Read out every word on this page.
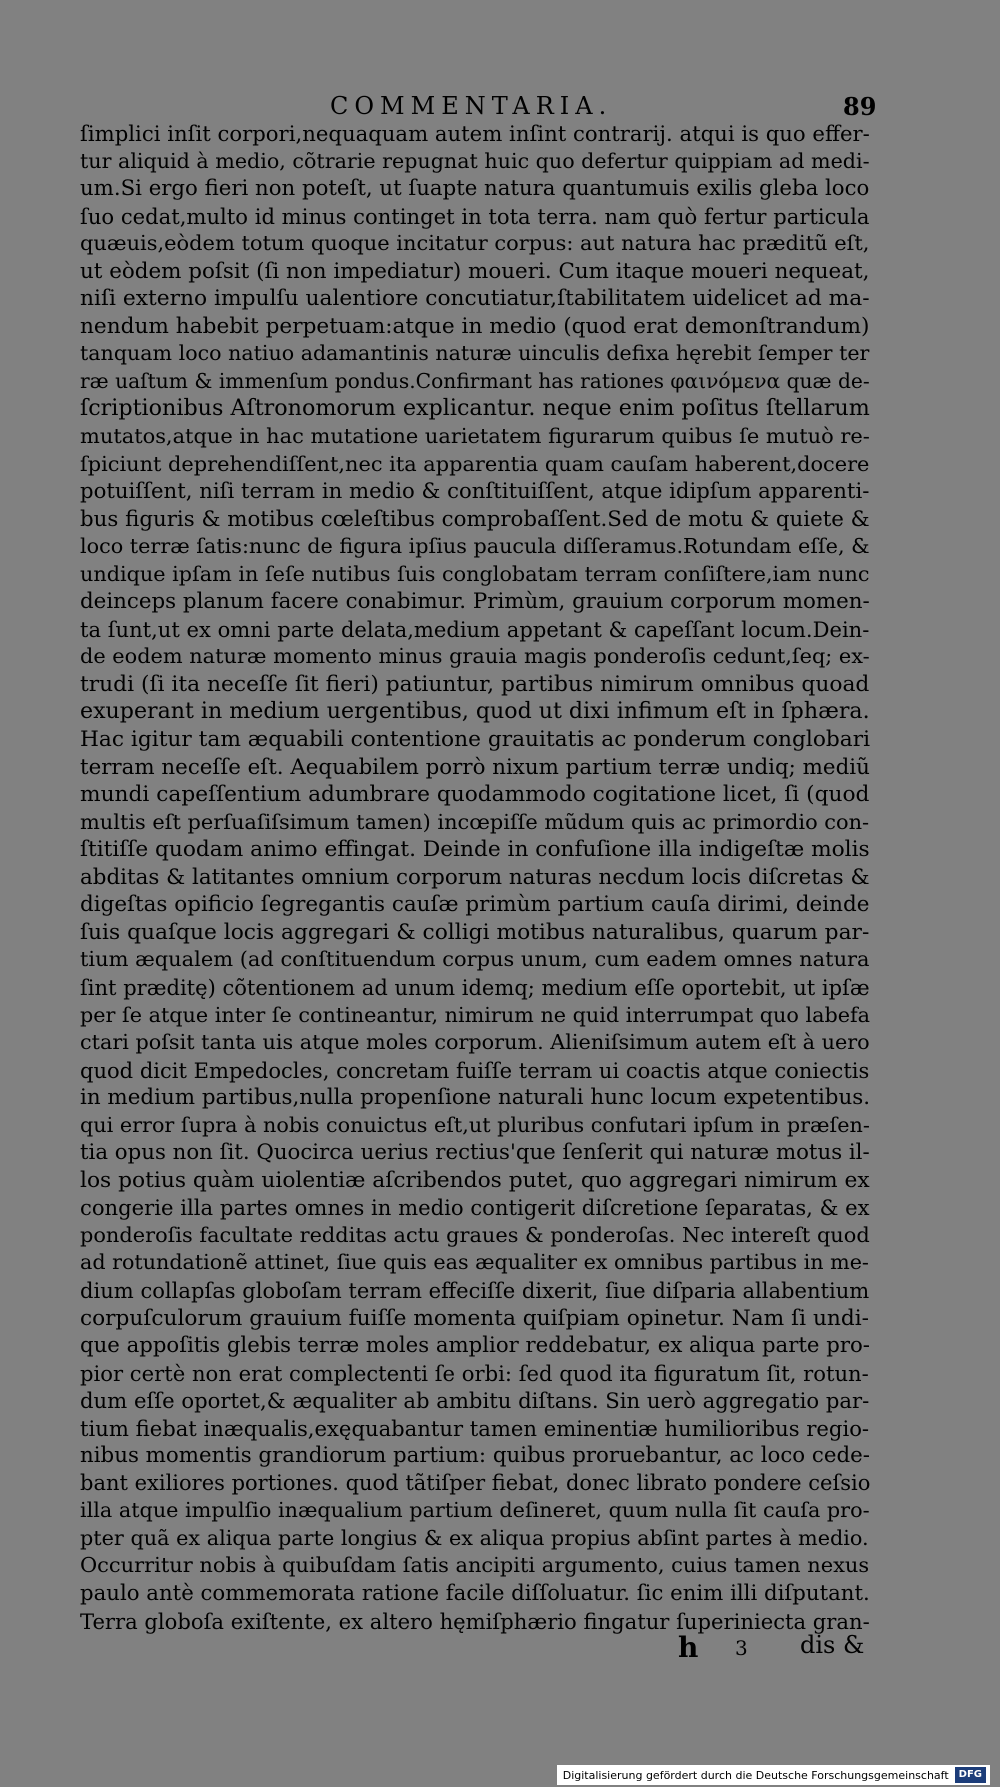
COMMENTARIA.	89
ſimplici inſit corpori,nequaquam autem inſint contrarij. atqui is quo effer-
tur aliquid à medio, cõtrarie repugnat huic quo defertur quippiam ad medi-
um.Si ergo fieri non poteſt, ut ſuapte natura quantumuis exilis gleba loco
ſuo cedat,multo id minus continget in tota terra. nam quò fertur particula
quæuis,eòdem totum quoque incitatur corpus: aut natura hac præditũ eſt,
ut eòdem poſsit (ſi non impediatur) moueri. Cum itaque moueri nequeat,
niſi externo impulſu ualentiore concutiatur,ſtabilitatem uidelicet ad ma-
nendum habebit perpetuam:atque in medio (quod erat demonſtrandum)
tanquam loco natiuo adamantinis naturæ uinculis defixa hęrebit ſemper ter
ræ uaſtum & immenſum pondus.Confirmant has rationes φαινόμενα quæ de-
ſcriptionibus Aſtronomorum explicantur. neque enim poſitus ſtellarum
mutatos,atque in hac mutatione uarietatem figurarum quibus ſe mutuò re-
ſpiciunt deprehendiſſent,nec ita apparentia quam cauſam haberent,docere
potuiſſent, niſi terram in medio & conſtituiſſent, atque idipſum apparenti-
bus figuris & motibus cœleſtibus comprobaſſent.Sed de motu & quiete &
loco terræ ſatis:nunc de figura ipſius paucula diſſeramus.Rotundam eſſe, &
undique ipſam in ſeſe nutibus ſuis conglobatam terram conſiſtere,iam nunc
deinceps planum facere conabimur. Primùm, grauium corporum momen-
ta ſunt,ut ex omni parte delata,medium appetant & capeſſant locum.Dein-
de eodem naturæ momento minus grauia magis ponderoſis cedunt,ſeq; ex-
trudi (ſi ita neceſſe ſit fieri) patiuntur, partibus nimirum omnibus quoad
exuperant in medium uergentibus, quod ut dixi infimum eſt in ſphæra.
Hac igitur tam æquabili contentione grauitatis ac ponderum conglobari
terram neceſſe eſt. Aequabilem porrò nixum partium terræ undiq; mediũ
mundi capeſſentium adumbrare quodammodo cogitatione licet, ſi (quod
multis eſt perſuaſiſsimum tamen) incœpiſſe mũdum quis ac primordio con-
ſtitiſſe quodam animo effingat. Deinde in confuſione illa indigeſtæ molis
abditas & latitantes omnium corporum naturas necdum locis diſcretas &
digeſtas opificio ſegregantis cauſæ primùm partium cauſa dirimi, deinde
ſuis quaſque locis aggregari & colligi motibus naturalibus, quarum par-
tium æqualem (ad conſtituendum corpus unum, cum eadem omnes natura
ſint præditę) cõtentionem ad unum idemq; medium eſſe oportebit, ut ipſæ
per ſe atque inter ſe contineantur, nimirum ne quid interrumpat quo labefa
ctari poſsit tanta uis atque moles corporum. Alieniſsimum autem eſt à uero
quod dicit Empedocles, concretam fuiſſe terram ui coactis atque coniectis
in medium partibus,nulla propenſione naturali hunc locum expetentibus.
qui error ſupra à nobis conuictus eſt,ut pluribus confutari ipſum in præſen-
tia opus non ſit. Quocirca uerius rectius'que ſenſerit qui naturæ motus il-
los potius quàm uiolentiæ aſcribendos putet, quo aggregari nimirum ex
congerie illa partes omnes in medio contigerit diſcretione ſeparatas, & ex
ponderoſis facultate redditas actu graues & ponderoſas. Nec intereſt quod
ad rotundationẽ attinet, ſiue quis eas æqualiter ex omnibus partibus in me-
dium collapſas globoſam terram effeciſſe dixerit, ſiue diſparia allabentium
corpuſculorum grauium fuiſſe momenta quiſpiam opinetur. Nam ſi undi-
que appoſitis glebis terræ moles amplior reddebatur, ex aliqua parte pro-
pior certè non erat complectenti ſe orbi: ſed quod ita figuratum ſit, rotun-
dum eſſe oportet,& æqualiter ab ambitu diſtans. Sin uerò aggregatio par-
tium fiebat inæqualis,exęquabantur tamen eminentiæ humilioribus regio-
nibus momentis grandiorum partium: quibus proruebantur, ac loco cede-
bant exiliores portiones. quod tãtiſper fiebat, donec librato pondere ceſsio
illa atque impulſio inæqualium partium deſineret, quum nulla ſit cauſa pro-
pter quã ex aliqua parte longius & ex aliqua propius abſint partes à medio.
Occurritur nobis à quibuſdam ſatis ancipiti argumento, cuius tamen nexus
paulo antè commemorata ratione facile diſſoluatur. ſic enim illi diſputant.
Terra globoſa exiſtente, ex altero hęmiſphærio fingatur ſuperiniecta gran-
h 3 dis &
Digitalisierung gefördert durch die Deutsche Forschungsgemeinschaft	DFG
